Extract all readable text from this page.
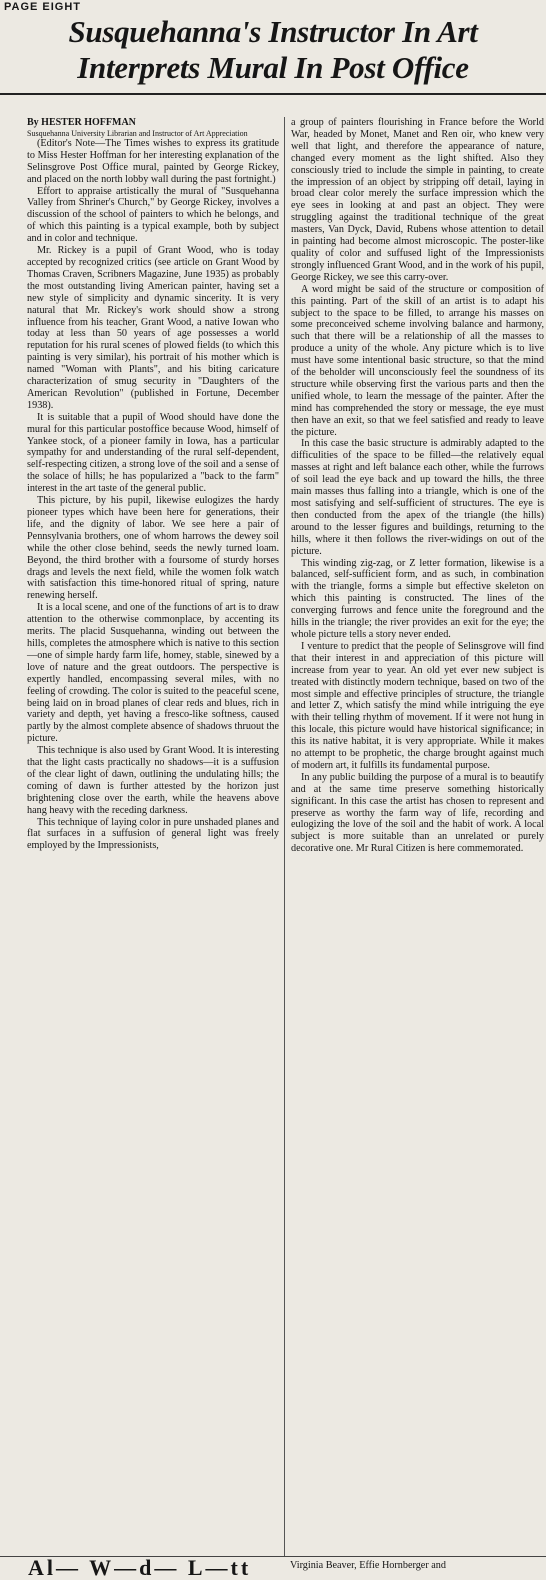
PAGE EIGHT
Susquehanna's Instructor In Art
Interprets Mural In Post Office

By HESTER HOFFMAN

Susquehanna University Librarian and Instructor of Art Appreciation

(Editor's Note—The Times wishes to express its gratitude to Miss Hester Hoffman for her interesting explanation of the Selinsgrove Post Office mural, painted by George Rickey, and placed on the north lobby wall during the past fortnight.)

Effort to appraise artistically the mural of "Susquehanna Valley from Shriner's Church," by George Rickey, involves a discussion of the school of painters to which he belongs, and of which this painting is a typical example, both by subject and in color and technique.

Mr. Rickey is a pupil of Grant Wood, who is today accepted by recognized critics (see article on Grant Wood by Thomas Craven, Scribners Magazine, June 1935) as probably the most outstanding living American painter, having set a new style of simplicity and dynamic sincerity. It is very natural that Mr. Rickey's work should show a strong influence from his teacher, Grant Wood, a native Iowan who today at less than 50 years of age possesses a world reputation for his rural scenes of plowed fields (to which this painting is very similar), his portrait of his mother which is named "Woman with Plants", and his biting caricature characterization of smug security in "Daughters of the American Revolution" (published in Fortune, December 1938).

It is suitable that a pupil of Wood should have done the mural for this particular postoffice because Wood, himself of Yankee stock, of a pioneer family in Iowa, has a particular sympathy for and understanding of the rural self-dependent, self-respecting citizen, a strong love of the soil and a sense of the solace of hills; he has popularized a "back to the farm" interest in the art taste of the general public.

This picture, by his pupil, likewise eulogizes the hardy pioneer types which have been here for generations, their life, and the dignity of labor. We see here a pair of Pennsylvania brothers, one of whom harrows the dewey soil while the other close behind, seeds the newly turned loam. Beyond, the third brother with a foursome of sturdy horses drags and levels the next field, while the women folk watch with satisfaction this time-honored ritual of spring, nature renewing herself.

It is a local scene, and one of the functions of art is to draw attention to the otherwise commonplace, by accenting its merits. The placid Susquehanna, winding out between the hills, completes the atmosphere which is native to this section—one of simple hardy farm life, homey, stable, sinewed by a love of nature and the great outdoors. The perspective is expertly handled, encompassing several miles, with no feeling of crowding. The color is suited to the peaceful scene, being laid on in broad planes of clear reds and blues, rich in variety and depth, yet having a fresco-like softness, caused partly by the almost complete absence of shadows thruout the picture.

This technique is also used by Grant Wood. It is interesting that the light casts practically no shadows—it is a suffusion of the clear light of dawn, outlining the undulating hills; the coming of dawn is further attested by the horizon just brightening close over the earth, while the heavens above hang heavy with the receding darkness.

This technique of laying color in pure unshaded planes and flat surfaces in a suffusion of general light was freely employed by the Impressionists,

a group of painters flourishing in France before the World War, headed by Monet, Manet and Ren oir, who knew very well that light, and therefore the appearance of nature, changed every moment as the light shifted. Also they consciously tried to include the simple in painting, to create the impression of an object by stripping off detail, laying in broad clear color merely the surface impression which the eye sees in looking at and past an object. They were struggling against the traditional technique of the great masters, Van Dyck, David, Rubens whose attention to detail in painting had become almost microscopic. The poster-like quality of color and suffused light of the Impressionists strongly influenced Grant Wood, and in the work of his pupil, George Rickey, we see this carry-over.

A word might be said of the structure or composition of this painting. Part of the skill of an artist is to adapt his subject to the space to be filled, to arrange his masses on some preconceived scheme involving balance and harmony, such that there will be a relationship of all the masses to produce a unity of the whole. Any picture which is to live must have some intentional basic structure, so that the mind of the beholder will unconsciously feel the soundness of its structure while observing first the various parts and then the unified whole, to learn the message of the painter. After the mind has comprehended the story or message, the eye must then have an exit, so that we feel satisfied and ready to leave the picture.

In this case the basic structure is admirably adapted to the difficulities of the space to be filled—the relatively equal masses at right and left balance each other, while the furrows of soil lead the eye back and up toward the hills, the three main masses thus falling into a triangle, which is one of the most satisfying and self-sufficient of structures. The eye is then conducted from the apex of the triangle (the hills) around to the lesser figures and buildings, returning to the hills, where it then follows the river-widings on out of the picture.

This winding zig-zag, or Z letter formation, likewise is a balanced, self-sufficient form, and as such, in combination with the triangle, forms a simple but effective skeleton on which this painting is constructed. The lines of the converging furrows and fence unite the foreground and the hills in the triangle; the river provides an exit for the eye; the whole picture tells a story never ended.

I venture to predict that the people of Selinsgrove will find that their interest in and appreciation of this picture will increase from year to year. An old yet ever new subject is treated with distinctly modern technique, based on two of the most simple and effective principles of structure, the triangle and letter Z, which satisfy the mind while intriguing the eye with their telling rhythm of movement. If it were not hung in this locale, this picture would have historical significance; in this its native habitat, it is very appropriate. While it makes no attempt to be prophetic, the charge brought against much of modern art, it fulfills its fundamental purpose.

In any public building the purpose of a mural is to beautify and at the same time preserve something historically significant. In this case the artist has chosen to represent and preserve as worthy the farm way of life, recording and eulogizing the love of the soil and the habit of work. A local subject is more suitable than an unrelated or purely decorative one. Mr Rural Citizen is here commemorated.

Al— W—d— L—tt	Virginia Beaver, Effie Hornberger and
